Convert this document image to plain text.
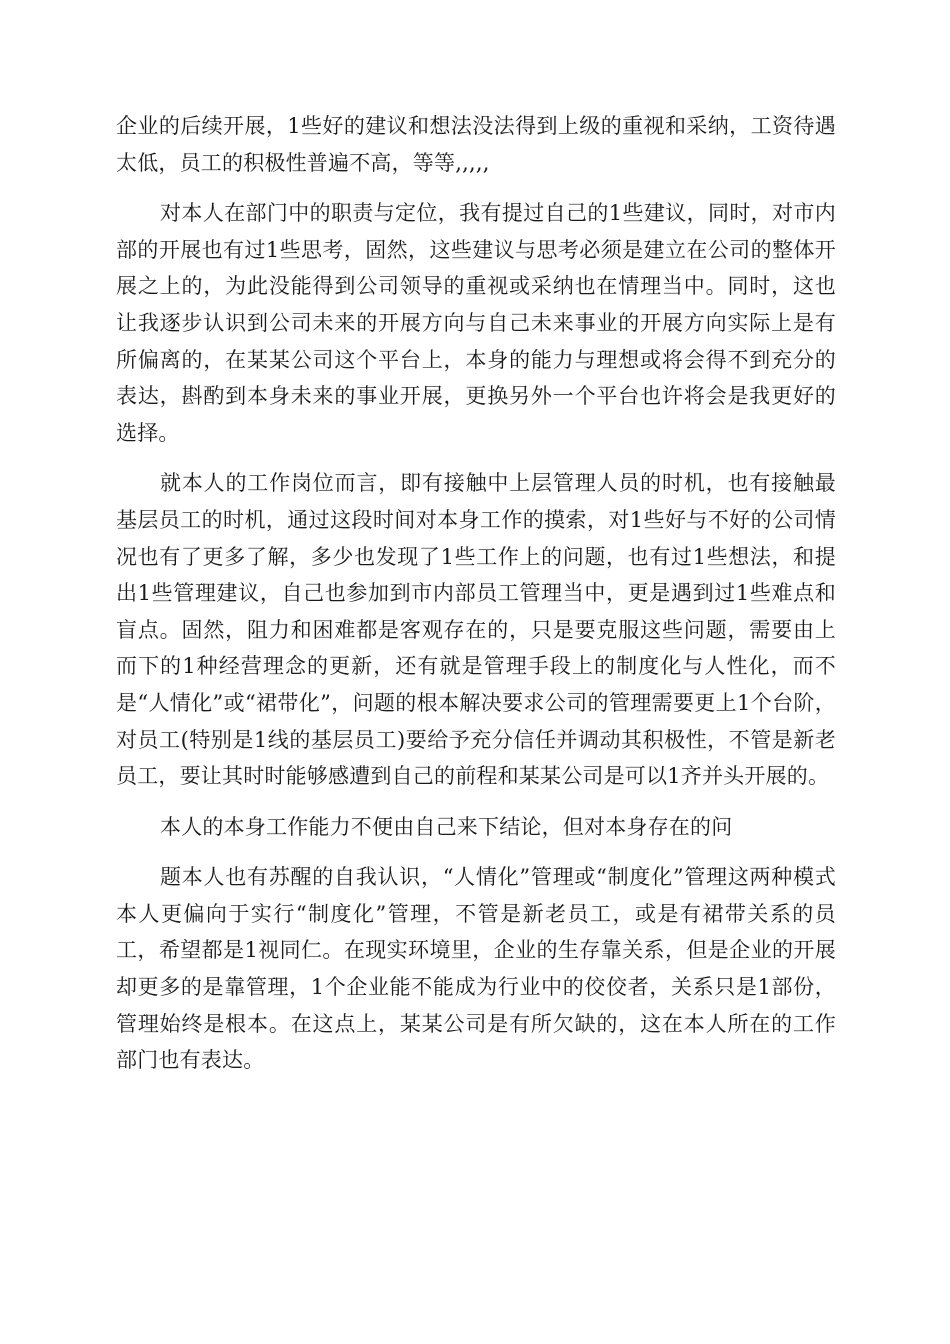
企业的后续开展，1些好的建议和想法没法得到上级的重视和采纳，工资待遇太低，员工的积极性普遍不高，等等,,,,,

对本人在部门中的职责与定位，我有提过自己的1些建议，同时，对市内部的开展也有过1些思考，固然，这些建议与思考必须是建立在公司的整体开展之上的，为此没能得到公司领导的重视或采纳也在情理当中。同时，这也让我逐步认识到公司未来的开展方向与自己未来事业的开展方向实际上是有所偏离的，在某某公司这个平台上，本身的能力与理想或将会得不到充分的表达，斟酌到本身未来的事业开展，更换另外一个平台也许将会是我更好的选择。

就本人的工作岗位而言，即有接触中上层管理人员的时机，也有接触最基层员工的时机，通过这段时间对本身工作的摸索，对1些好与不好的公司情况也有了更多了解，多少也发现了1些工作上的问题，也有过1些想法，和提出1些管理建议，自己也参加到市内部员工管理当中，更是遇到过1些难点和盲点。固然，阻力和困难都是客观存在的，只是要克服这些问题，需要由上而下的1种经营理念的更新，还有就是管理手段上的制度化与人性化，而不是“人情化”或“裙带化”，问题的根本解决要求公司的管理需要更上1个台阶，对员工(特别是1线的基层员工)要给予充分信任并调动其积极性，不管是新老员工，要让其时时能够感遭到自己的前程和某某公司是可以1齐并头开展的。

本人的本身工作能力不便由自己来下结论，但对本身存在的问

题本人也有苏醒的自我认识，“人情化”管理或“制度化”管理这两种模式本人更偏向于实行“制度化”管理，不管是新老员工，或是有裙带关系的员工，希望都是1视同仁。在现实环境里，企业的生存靠关系，但是企业的开展却更多的是靠管理，1个企业能不能成为行业中的佼佼者，关系只是1部份，管理始终是根本。在这点上，某某公司是有所欠缺的，这在本人所在的工作部门也有表达。
